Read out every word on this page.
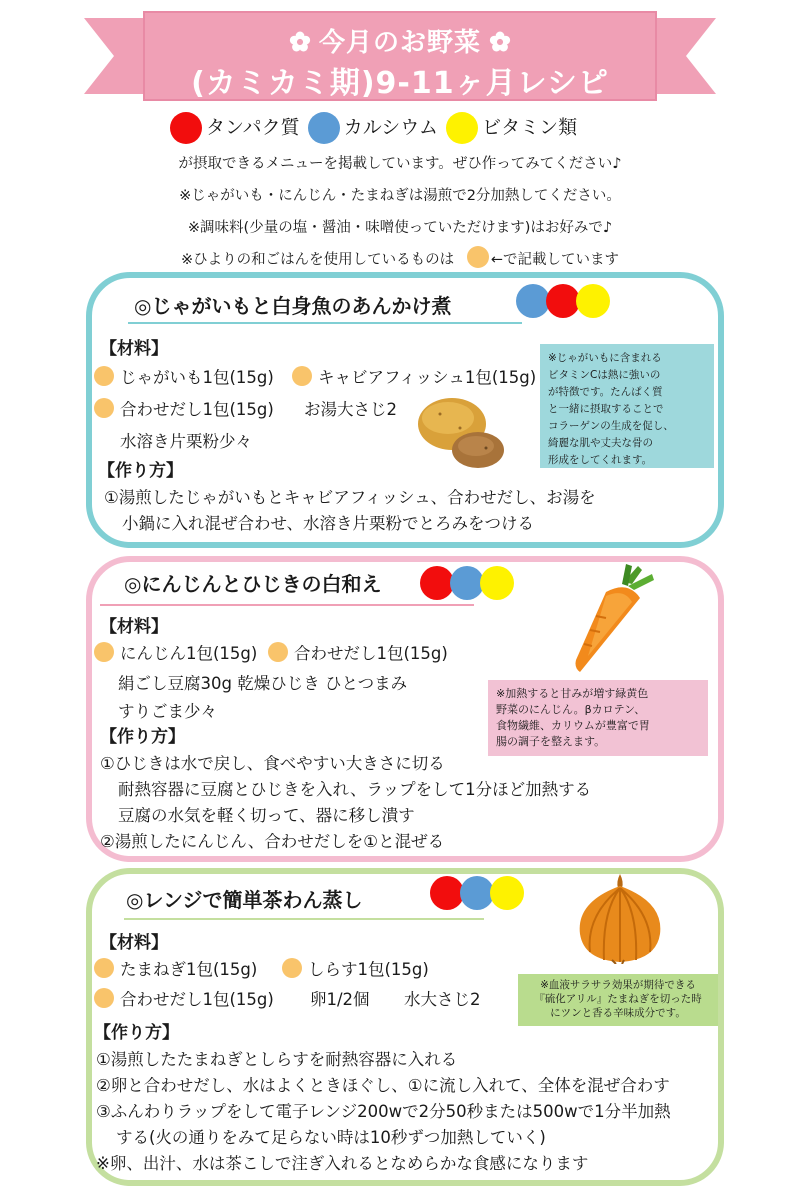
今月のお野菜
(カミカミ期)9-11ヶ月レシピ
タンパク質 カルシウム ビタミン類
が摂取できるメニューを掲載しています。ぜひ作ってみてください♪
※じゃがいも・にんじん・たまねぎは湯煎で2分加熱してください。
※調味料(少量の塩・醤油・味噌使っていただけます)はお好みで♪
※ひよりの和ごはんを使用しているものは	←で記載しています
◎じゃがいもと白身魚のあんかけ煮
【材料】
じゃがいも1包(15g)	キャビアフィッシュ1包(15g)
合わせだし1包(15g) お湯大さじ2
水溶き片栗粉少々
※じゃがいもに含まれる
ビタミンCは熱に強いの
が特徴です。たんぱく質
と一緒に摂取することで
コラーゲンの生成を促し、
綺麗な肌や丈夫な骨の
形成をしてくれます。
【作り方】
①湯煎したじゃがいもとキャビアフィッシュ、合わせだし、お湯を
小鍋に入れ混ぜ合わせ、水溶き片栗粉でとろみをつける
◎にんじんとひじきの白和え
【材料】
にんじん1包(15g)	合わせだし1包(15g)
絹ごし豆腐30g 乾燥ひじき ひとつまみ
すりごま少々
※加熱すると甘みが増す緑黄色
野菜のにんじん。βカロテン、
食物繊維、カリウムが豊富で胃
腸の調子を整えます。
【作り方】
①ひじきは水で戻し、食べやすい大きさに切る
耐熱容器に豆腐とひじきを入れ、ラップをして1分ほど加熱する
豆腐の水気を軽く切って、器に移し潰す
②湯煎したにんじん、合わせだしを①と混ぜる
◎レンジで簡単茶わん蒸し
【材料】
たまねぎ1包(15g)	しらす1包(15g)
合わせだし1包(15g) 卵1/2個 水大さじ2
※血液サラサラ効果が期待できる
『硫化アリル』たまねぎを切った時
にツンと香る辛味成分です。
【作り方】
①湯煎したたまねぎとしらすを耐熱容器に入れる
②卵と合わせだし、水はよくときほぐし、①に流し入れて、全体を混ぜ合わす
③ふんわりラップをして電子レンジ200wで2分50秒または500wで1分半加熱
する(火の通りをみて足らない時は10秒ずつ加熱していく)
※卵、出汁、水は茶こしで注ぎ入れるとなめらかな食感になります
